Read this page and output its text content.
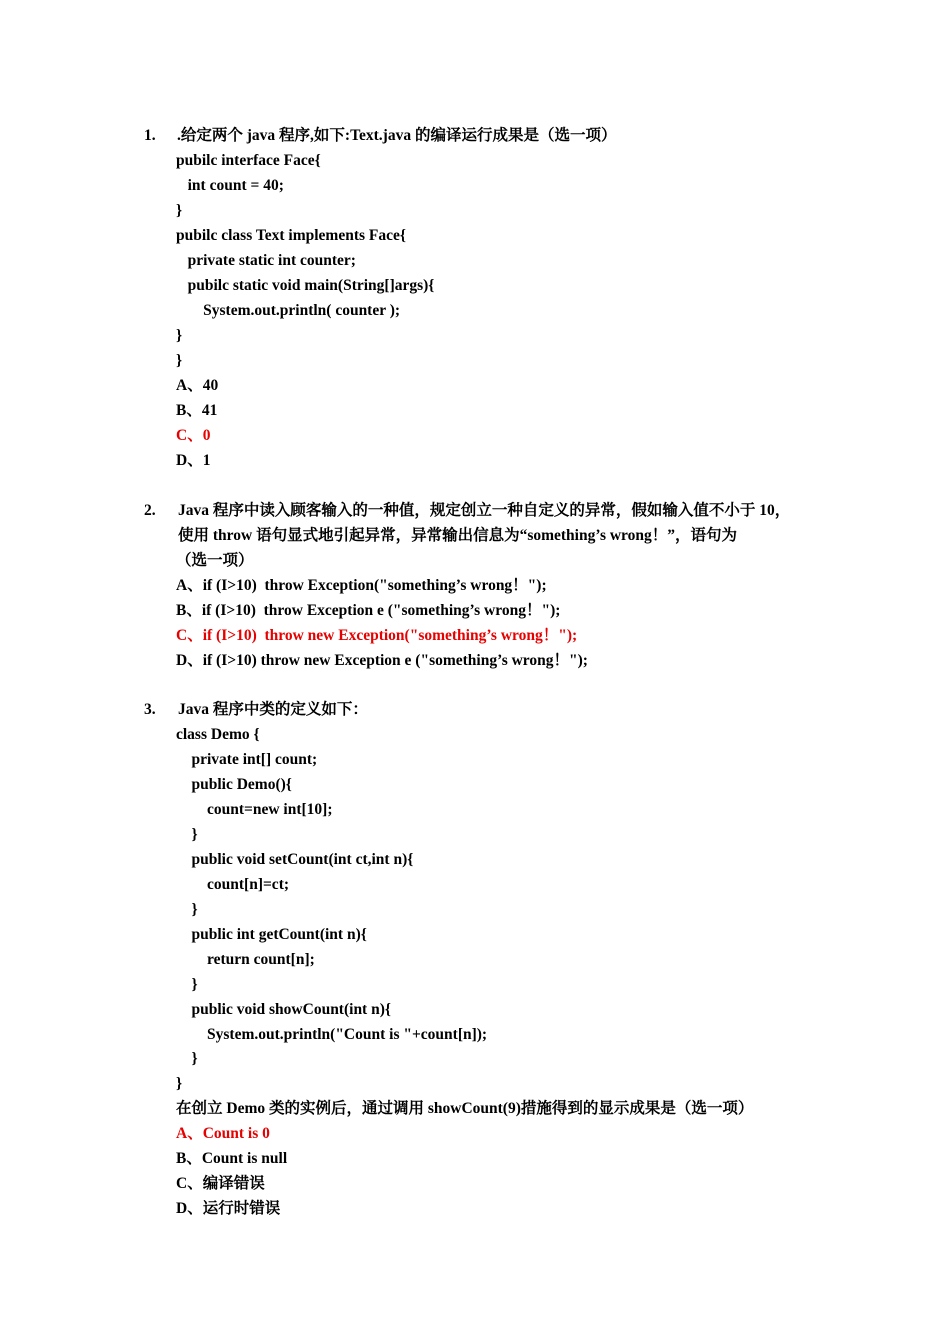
1. .给定两个 java 程序,如下:Text.java 的编译运行成果是（选一项）
pubilc interface Face{
int count = 40;
}
pubilc class Text implements Face{
private static int counter;
pubilc static void main(String[]args){
System.out.println( counter );
}
}
A、40
B、41
C、0
D、1
2. Java 程序中读入顾客输入的一种值，规定创立一种自定义的异常，假如输入值不小于 10，
使用 throw 语句显式地引起异常，异常输出信息为“something’s wrong！”，语句为
（选一项）
A、if (I>10)  throw Exception("something’s wrong！");
B、if (I>10)  throw Exception e ("something’s wrong！");
C、if (I>10)  throw new Exception("something’s wrong！");
D、if (I>10) throw new Exception e ("something’s wrong！");
3. Java 程序中类的定义如下：
class Demo {
private int[] count;
public Demo(){
count=new int[10];
}
public void setCount(int ct,int n){
count[n]=ct;
}
public int getCount(int n){
return count[n];
}
public void showCount(int n){
System.out.println("Count is "+count[n]);
}
}
在创立 Demo 类的实例后，通过调用 showCount(9)措施得到的显示成果是（选一项）
A、Count is 0
B、Count is null
C、编译错误
D、运行时错误
